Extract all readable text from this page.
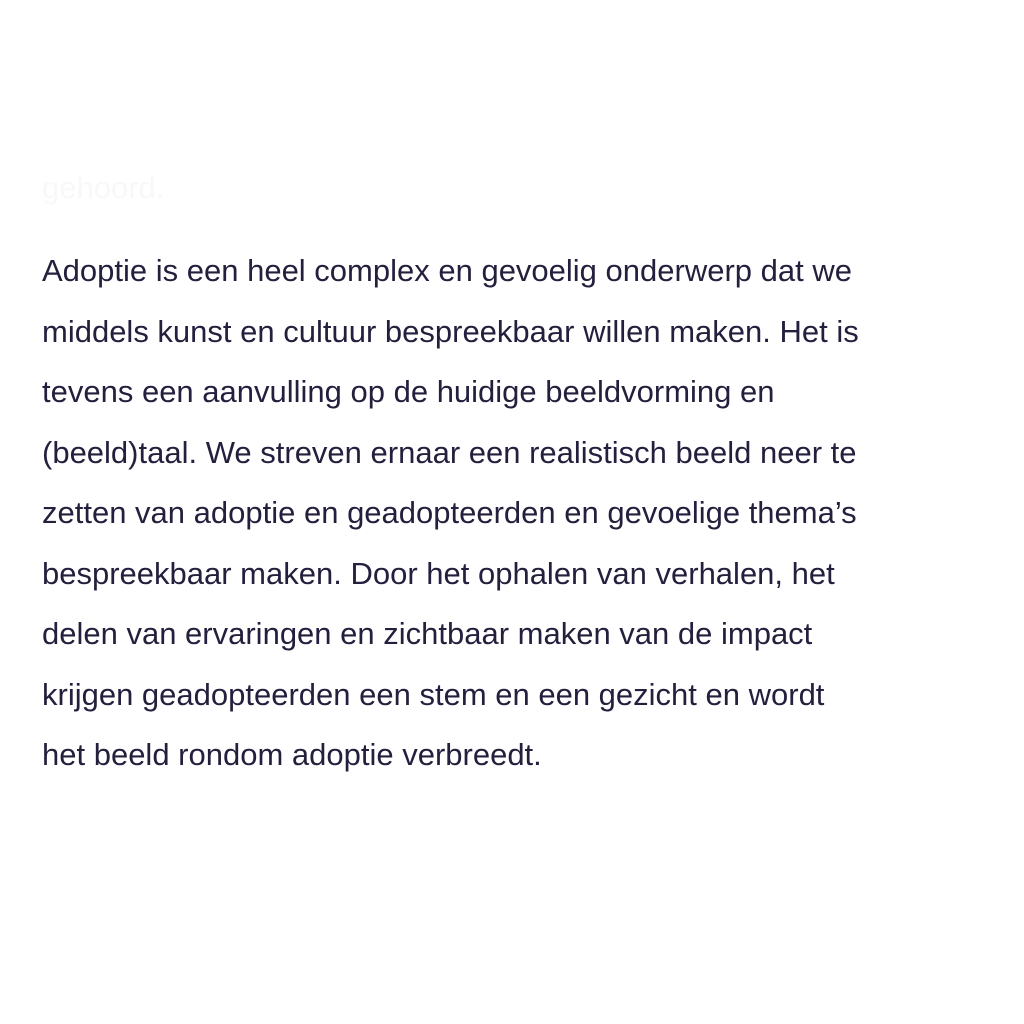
Adoptie is een heel complex en gevoelig onderwerp dat we
middels kunst en cultuur bespreekbaar willen maken. Het is
tevens een aanvulling op de huidige beeldvorming en
(beeld)taal. We streven ernaar een realistisch beeld neer te
zetten van adoptie en geadopteerden en gevoelige thema’s
bespreekbaar maken. Door het ophalen van verhalen, het
delen van ervaringen en zichtbaar maken van de impact
krijgen geadopteerden een stem en een gezicht en wordt
het beeld rondom adoptie verbreedt.
